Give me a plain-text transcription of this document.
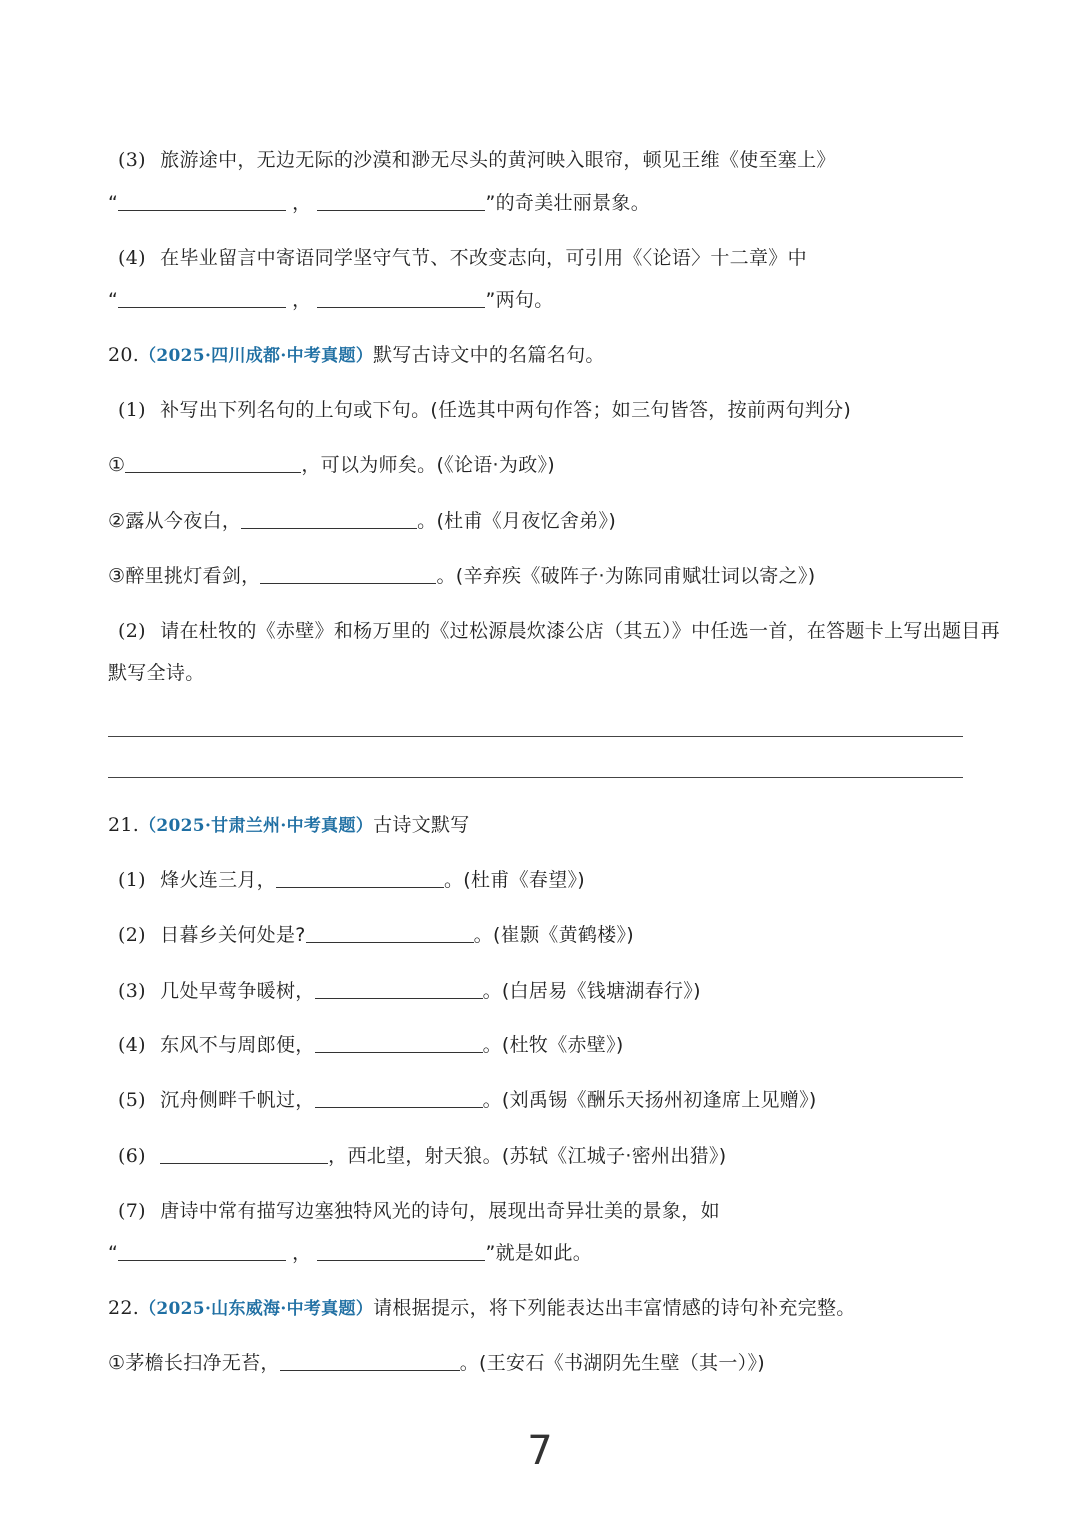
(3) 旅游途中，无边无际的沙漠和渺无尽头的黄河映入眼帘，顿见王维《使至塞上》
“	，	”的奇美壮丽景象。
(4) 在毕业留言中寄语同学坚守气节、不改变志向，可引用《〈论语〉十二章》中
“	，	”两句。
20.（2025·四川成都·中考真题）默写古诗文中的名篇名句。
(1) 补写出下列名句的上句或下句。(任选其中两句作答；如三句皆答，按前两句判分)
①	，可以为师矣。(《论语·为政》)
②露从今夜白，	。(杜甫《月夜忆舍弟》)
③醉里挑灯看剑，	。(辛弃疾《破阵子·为陈同甫赋壮词以寄之》)
(2) 请在杜牧的《赤壁》和杨万里的《过松源晨炊漆公店（其五）》中任选一首，在答题卡上写出题目再
默写全诗。
21.（2025·甘肃兰州·中考真题）古诗文默写
(1) 烽火连三月，	。(杜甫《春望》)
(2) 日暮乡关何处是?	。(崔颢《黄鹤楼》)
(3) 几处早莺争暖树，	。(白居易《钱塘湖春行》)
(4) 东风不与周郎便，	。(杜牧《赤壁》)
(5) 沉舟侧畔千帆过，	。(刘禹锡《酬乐天扬州初逢席上见赠》)
(6)	，西北望，射天狼。(苏轼《江城子·密州出猎》)
(7) 唐诗中常有描写边塞独特风光的诗句，展现出奇异壮美的景象，如
“	，	”就是如此。
22.（2025·山东威海·中考真题）请根据提示，将下列能表达出丰富情感的诗句补充完整。
①茅檐长扫净无苔，	。(王安石《书湖阴先生壁（其一）》)
7
